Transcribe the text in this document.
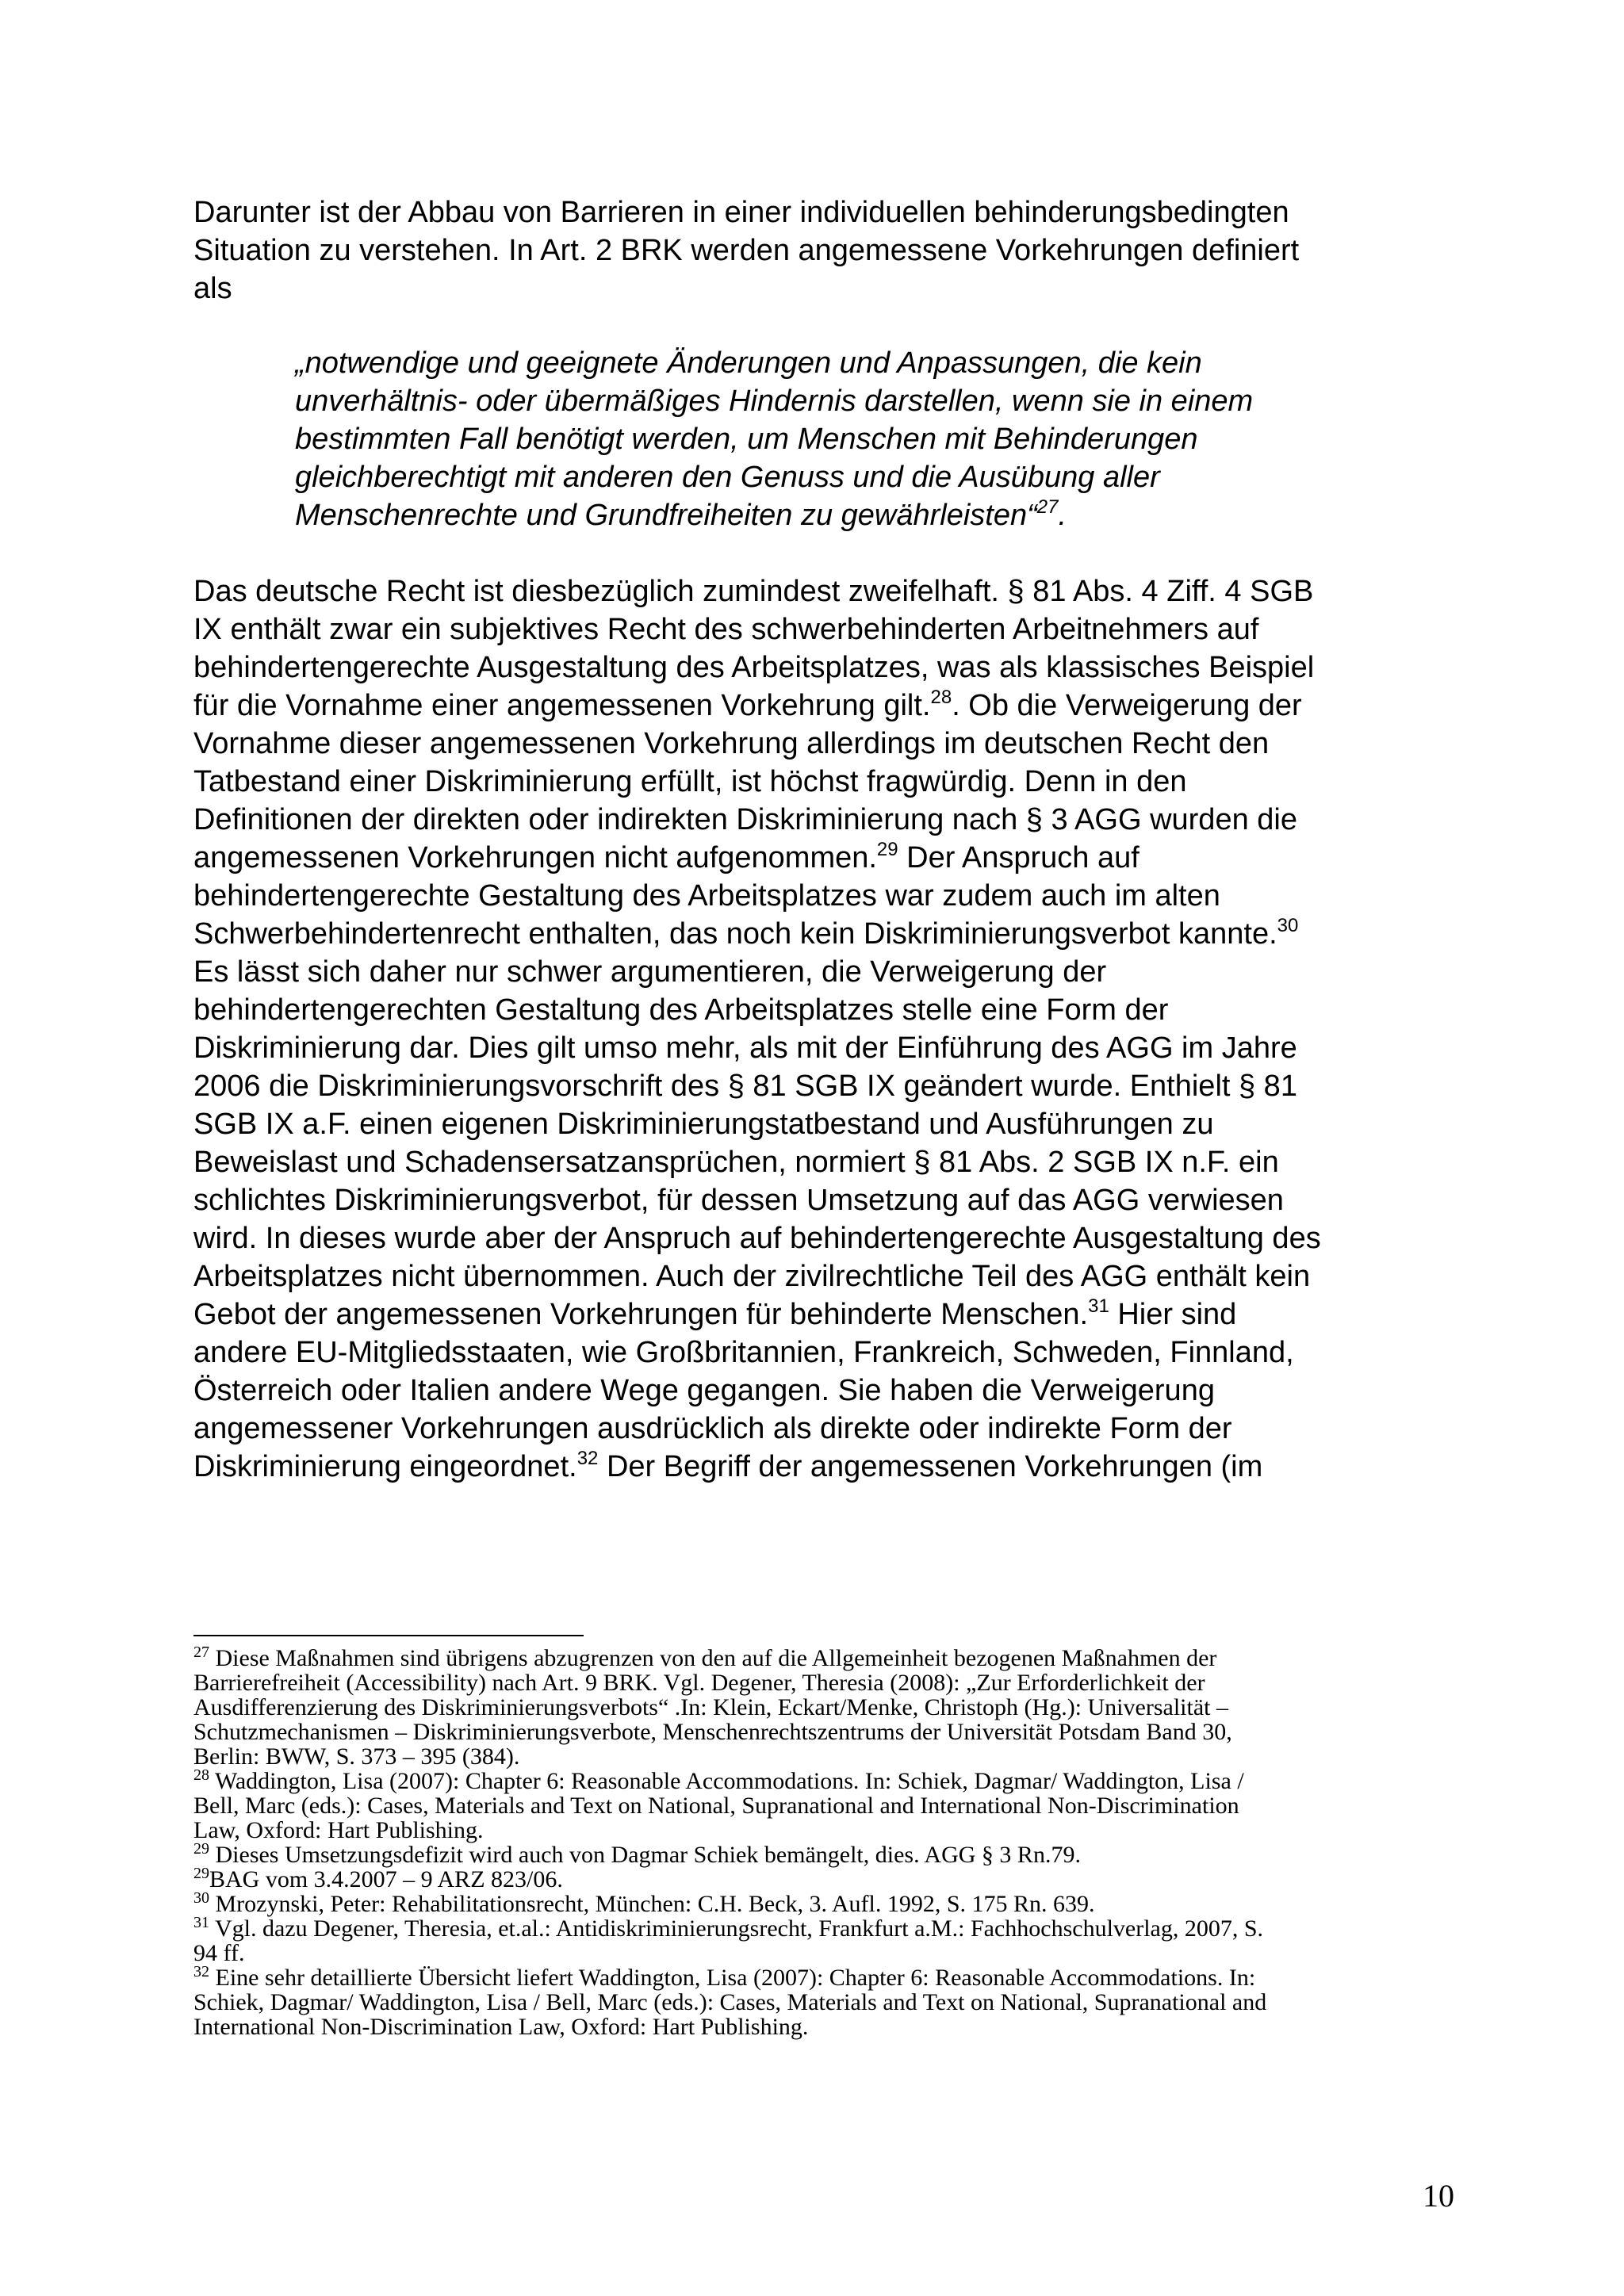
Darunter ist der Abbau von Barrieren in einer individuellen behinderungsbedingten
Situation zu verstehen. In Art. 2 BRK werden angemessene Vorkehrungen definiert
als

„notwendige und geeignete Änderungen und Anpassungen, die kein
unverhältnis- oder übermäßiges Hindernis darstellen, wenn sie in einem
bestimmten Fall benötigt werden, um Menschen mit Behinderungen
gleichberechtigt mit anderen den Genuss und die Ausübung aller
Menschenrechte und Grundfreiheiten zu gewährleisten“$^{27}$.

Das deutsche Recht ist diesbezüglich zumindest zweifelhaft. § 81 Abs. 4 Ziff. 4 SGB
IX enthält zwar ein subjektives Recht des schwerbehinderten Arbeitnehmers auf
behindertengerechte Ausgestaltung des Arbeitsplatzes, was als klassisches Beispiel
für die Vornahme einer angemessenen Vorkehrung gilt.$^{28}$. Ob die Verweigerung der
Vornahme dieser angemessenen Vorkehrung allerdings im deutschen Recht den
Tatbestand einer Diskriminierung erfüllt, ist höchst fragwürdig. Denn in den
Definitionen der direkten oder indirekten Diskriminierung nach § 3 AGG wurden die
angemessenen Vorkehrungen nicht aufgenommen.$^{29}$ Der Anspruch auf
behindertengerechte Gestaltung des Arbeitsplatzes war zudem auch im alten
Schwerbehindertenrecht enthalten, das noch kein Diskriminierungsverbot kannte.$^{30}$
Es lässt sich daher nur schwer argumentieren, die Verweigerung der
behindertengerechten Gestaltung des Arbeitsplatzes stelle eine Form der
Diskriminierung dar. Dies gilt umso mehr, als mit der Einführung des AGG im Jahre
2006 die Diskriminierungsvorschrift des § 81 SGB IX geändert wurde. Enthielt § 81
SGB IX a.F. einen eigenen Diskriminierungstatbestand und Ausführungen zu
Beweislast und Schadensersatzansprüchen, normiert § 81 Abs. 2 SGB IX n.F. ein
schlichtes Diskriminierungsverbot, für dessen Umsetzung auf das AGG verwiesen
wird. In dieses wurde aber der Anspruch auf behindertengerechte Ausgestaltung des
Arbeitsplatzes nicht übernommen. Auch der zivilrechtliche Teil des AGG enthält kein
Gebot der angemessenen Vorkehrungen für behinderte Menschen.$^{31}$ Hier sind
andere EU-Mitgliedsstaaten, wie Großbritannien, Frankreich, Schweden, Finnland,
Österreich oder Italien andere Wege gegangen. Sie haben die Verweigerung
angemessener Vorkehrungen ausdrücklich als direkte oder indirekte Form der
Diskriminierung eingeordnet.$^{32}$ Der Begriff der angemessenen Vorkehrungen (im

$^{27}$ Diese Maßnahmen sind übrigens abzugrenzen von den auf die Allgemeinheit bezogenen Maßnahmen der
Barrierefreiheit (Accessibility) nach Art. 9 BRK. Vgl. Degener, Theresia (2008): „Zur Erforderlichkeit der
Ausdifferenzierung des Diskriminierungsverbots“ .In: Klein, Eckart/Menke, Christoph (Hg.): Universalität –
Schutzmechanismen – Diskriminierungsverbote, Menschenrechtszentrums der Universität Potsdam Band 30,
Berlin: BWW, S. 373 – 395 (384).
$^{28}$ Waddington, Lisa (2007): Chapter 6: Reasonable Accommodations. In: Schiek, Dagmar/ Waddington, Lisa /
Bell, Marc (eds.): Cases, Materials and Text on National, Supranational and International Non-Discrimination
Law, Oxford: Hart Publishing.
$^{29}$ Dieses Umsetzungsdefizit wird auch von Dagmar Schiek bemängelt, dies. AGG § 3 Rn.79.
$^{29}$BAG vom 3.4.2007 – 9 ARZ 823/06.
$^{30}$ Mrozynski, Peter: Rehabilitationsrecht, München: C.H. Beck, 3. Aufl. 1992, S. 175 Rn. 639.
$^{31}$ Vgl. dazu Degener, Theresia, et.al.: Antidiskriminierungsrecht, Frankfurt a.M.: Fachhochschulverlag, 2007, S.
94 ff.
$^{32}$ Eine sehr detaillierte Übersicht liefert Waddington, Lisa (2007): Chapter 6: Reasonable Accommodations. In:
Schiek, Dagmar/ Waddington, Lisa / Bell, Marc (eds.): Cases, Materials and Text on National, Supranational and
International Non-Discrimination Law, Oxford: Hart Publishing.
10
